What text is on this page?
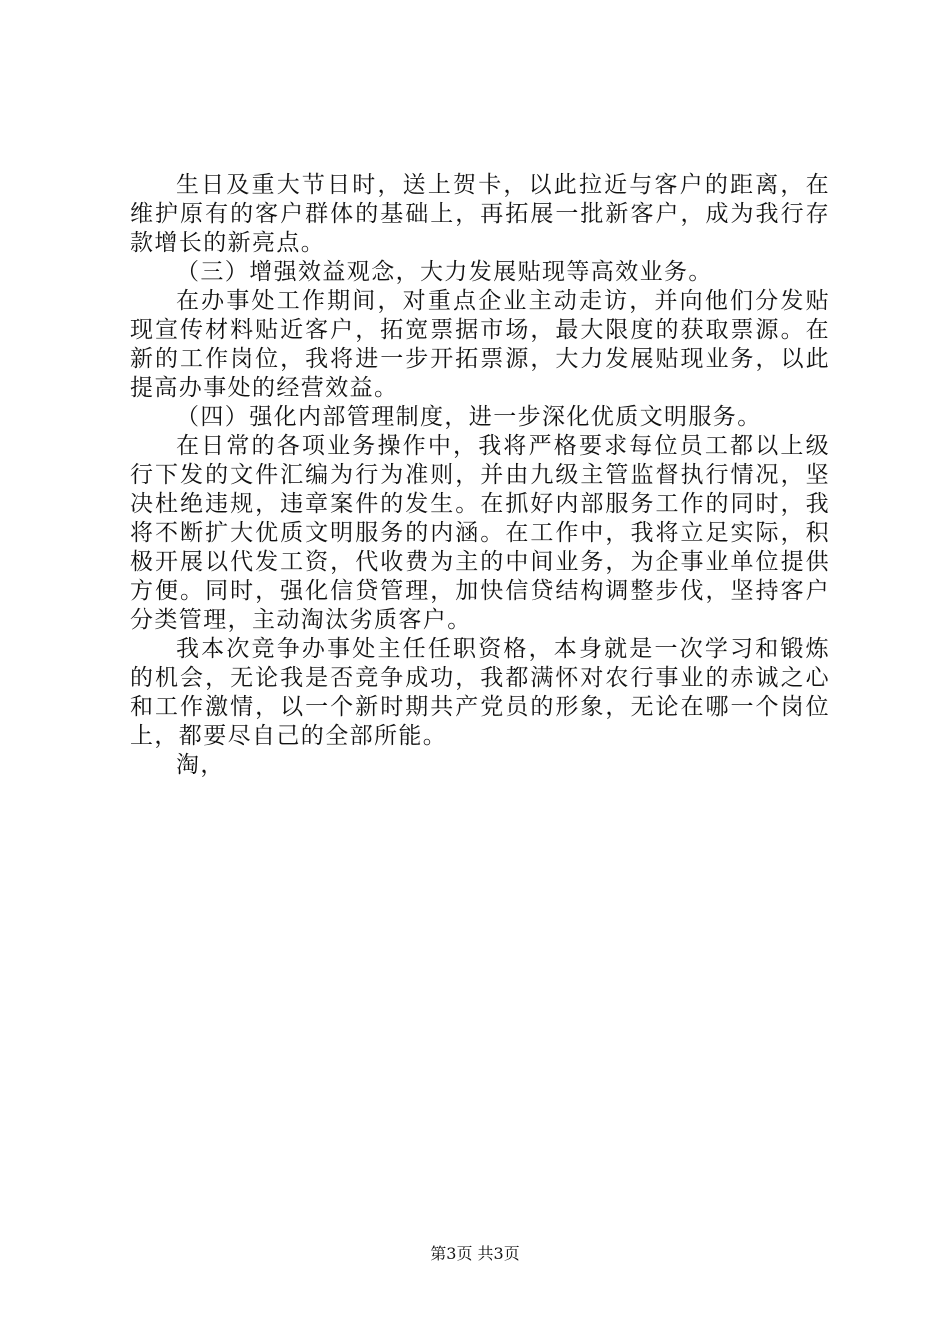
生日及重大节日时，送上贺卡，以此拉近与客户的距离，在维护原有的客户群体的基础上，再拓展一批新客户，成为我行存款增长的新亮点。

（三）增强效益观念，大力发展贴现等高效业务。

在办事处工作期间，对重点企业主动走访，并向他们分发贴现宣传材料贴近客户，拓宽票据市场，最大限度的获取票源。在新的工作岗位，我将进一步开拓票源，大力发展贴现业务，以此提高办事处的经营效益。

（四）强化内部管理制度，进一步深化优质文明服务。

在日常的各项业务操作中，我将严格要求每位员工都以上级行下发的文件汇编为行为准则，并由九级主管监督执行情况，坚决杜绝违规，违章案件的发生。在抓好内部服务工作的同时，我将不断扩大优质文明服务的内涵。在工作中，我将立足实际，积极开展以代发工资，代收费为主的中间业务，为企事业单位提供方便。同时，强化信贷管理，加快信贷结构调整步伐，坚持客户分类管理，主动淘汰劣质客户。

我本次竞争办事处主任任职资格，本身就是一次学习和锻炼的机会，无论我是否竞争成功，我都满怀对农行事业的赤诚之心和工作激情，以一个新时期共产党员的形象，无论在哪一个岗位上，都要尽自己的全部所能。

淘，

第3页 共3页
